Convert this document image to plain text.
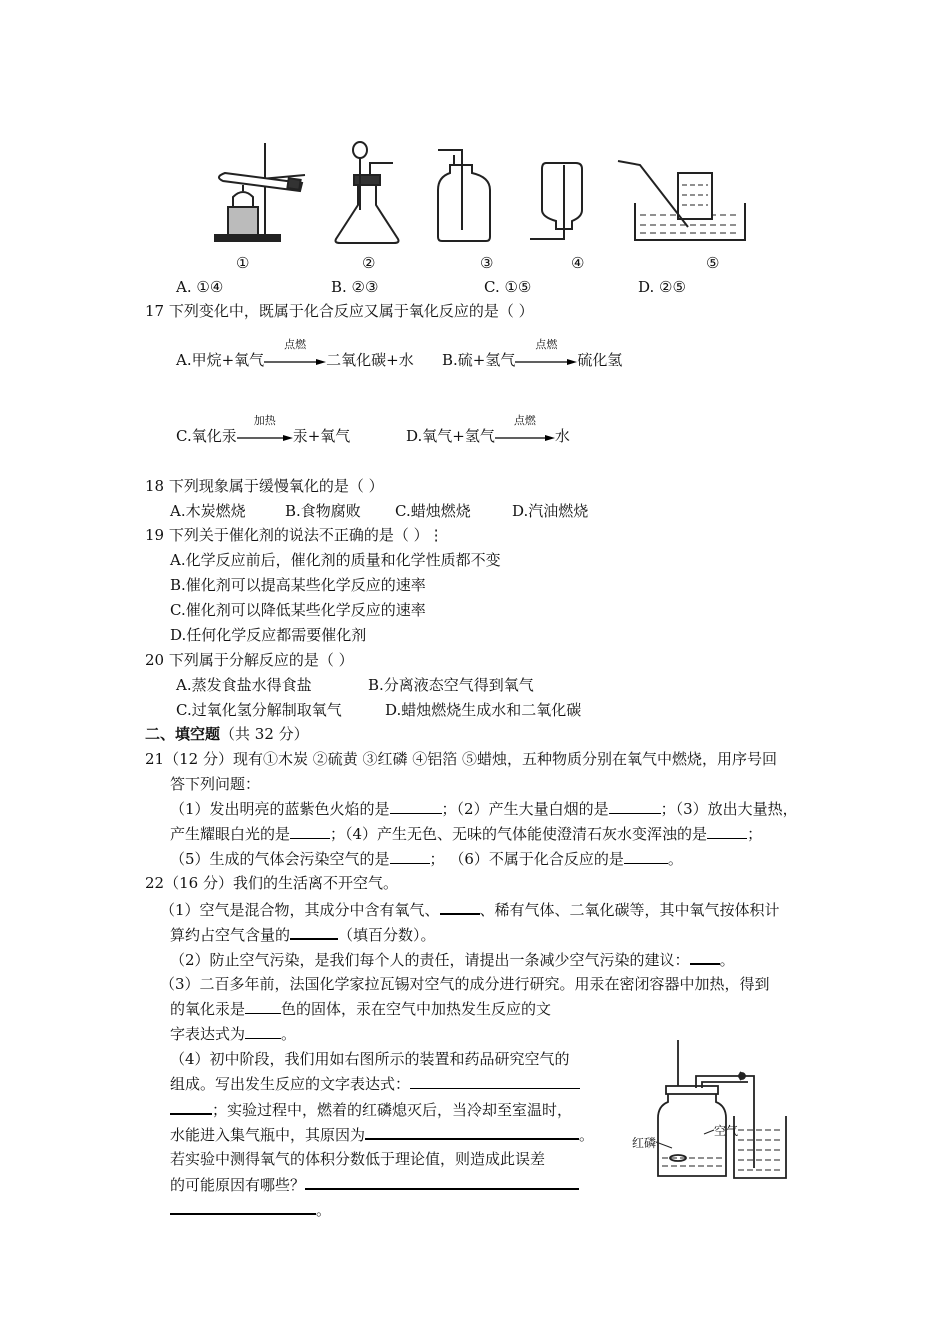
①	②	③	④	⑤
A. ①④	B. ②③	C. ①⑤	D. ②⑤
17 下列变化中，既属于化合反应又属于氧化反应的是（ ）
A.甲烷+氧气
点燃
二氧化碳+水 B.硫+氢气
点燃
硫化氢
C.氧化汞
加热
汞+氧气	D.氧气+氢气
点燃
水
18 下列现象属于缓慢氧化的是（ ）
A.木炭燃烧	B.食物腐败 C.蜡烛燃烧	D.汽油燃烧
19 下列关于催化剂的说法不正确的是（ ）⋮
A.化学反应前后，催化剂的质量和化学性质都不变
B.催化剂可以提高某些化学反应的速率
C.催化剂可以降低某些化学反应的速率
D.任何化学反应都需要催化剂
20 下列属于分解反应的是（ ）
A.蒸发食盐水得食盐	B.分离液态空气得到氧气
C.过氧化氢分解制取氧气	D.蜡烛燃烧生成水和二氧化碳
二、填空题（共 32 分）
21（12 分）现有①木炭 ②硫黄 ③红磷 ④铝箔 ⑤蜡烛，五种物质分别在氧气中燃烧，用序号回
答下列问题：
（1）发出明亮的蓝紫色火焰的是	；（2）产生大量白烟的是	；（3）放出大量热，
产生耀眼白光的是	；（4）产生无色、无味的气体能使澄清石灰水变浑浊的是	；
（5）生成的气体会污染空气的是	； （6）不属于化合反应的是	。
22（16 分）我们的生活离不开空气。
（1）空气是混合物，其成分中含有氧气、	、稀有气体、二氧化碳等，其中氧气按体积计
算约占空气含量的	（填百分数）。
（2）防止空气污染，是我们每个人的责任，请提出一条减少空气污染的建议： 。
（3）二百多年前，法国化学家拉瓦锡对空气的成分进行研究。用汞在密闭容器中加热，得到
的氧化汞是 色的固体，汞在空气中加热发生反应的文
字表达式为 。
（4）初中阶段，我们用如右图所示的装置和药品研究空气的
组成。写出发生反应的文字表达式：
；实验过程中，燃着的红磷熄灭后，当冷却至室温时，
水能进入集气瓶中，其原因为	。
若实验中测得氧气的体积分数低于理论值，则造成此误差
的可能原因有哪些？
。
红磷
空气
